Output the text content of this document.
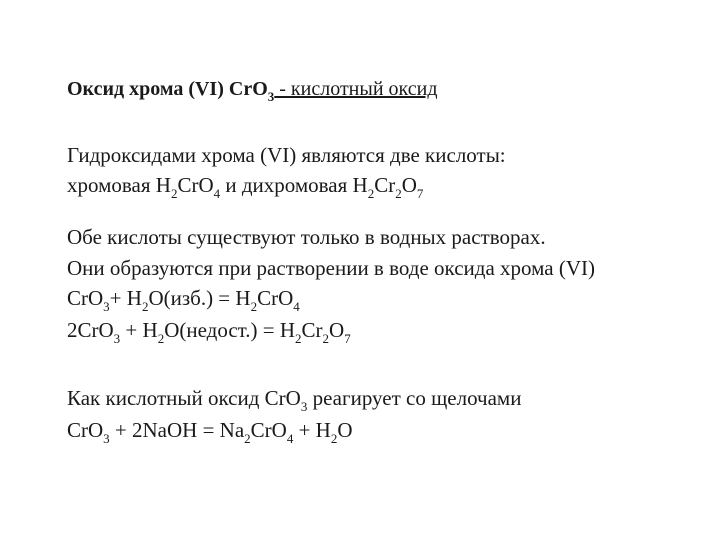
Оксид хрома (VI) CrO$_3$ - кислотный оксид
Гидроксидами хрома (VI) являются две кислоты:
хромовая $H_2CrO_4$ и дихромовая $H_2Cr_2O_7$
Обе кислоты существуют только в водных растворах.
Они образуются при растворении в воде оксида хрома (VI)
$CrO_3+ H_2O(изб.) = H_2CrO_4$
$2CrO_3 + H_2O(недост.) = H_2Cr_2O_7$
Как кислотный оксид CrO$_3$ реагирует со щелочами
CrO$_3$ + 2NaOH = $Na_2CrO_4 + H_2O$
